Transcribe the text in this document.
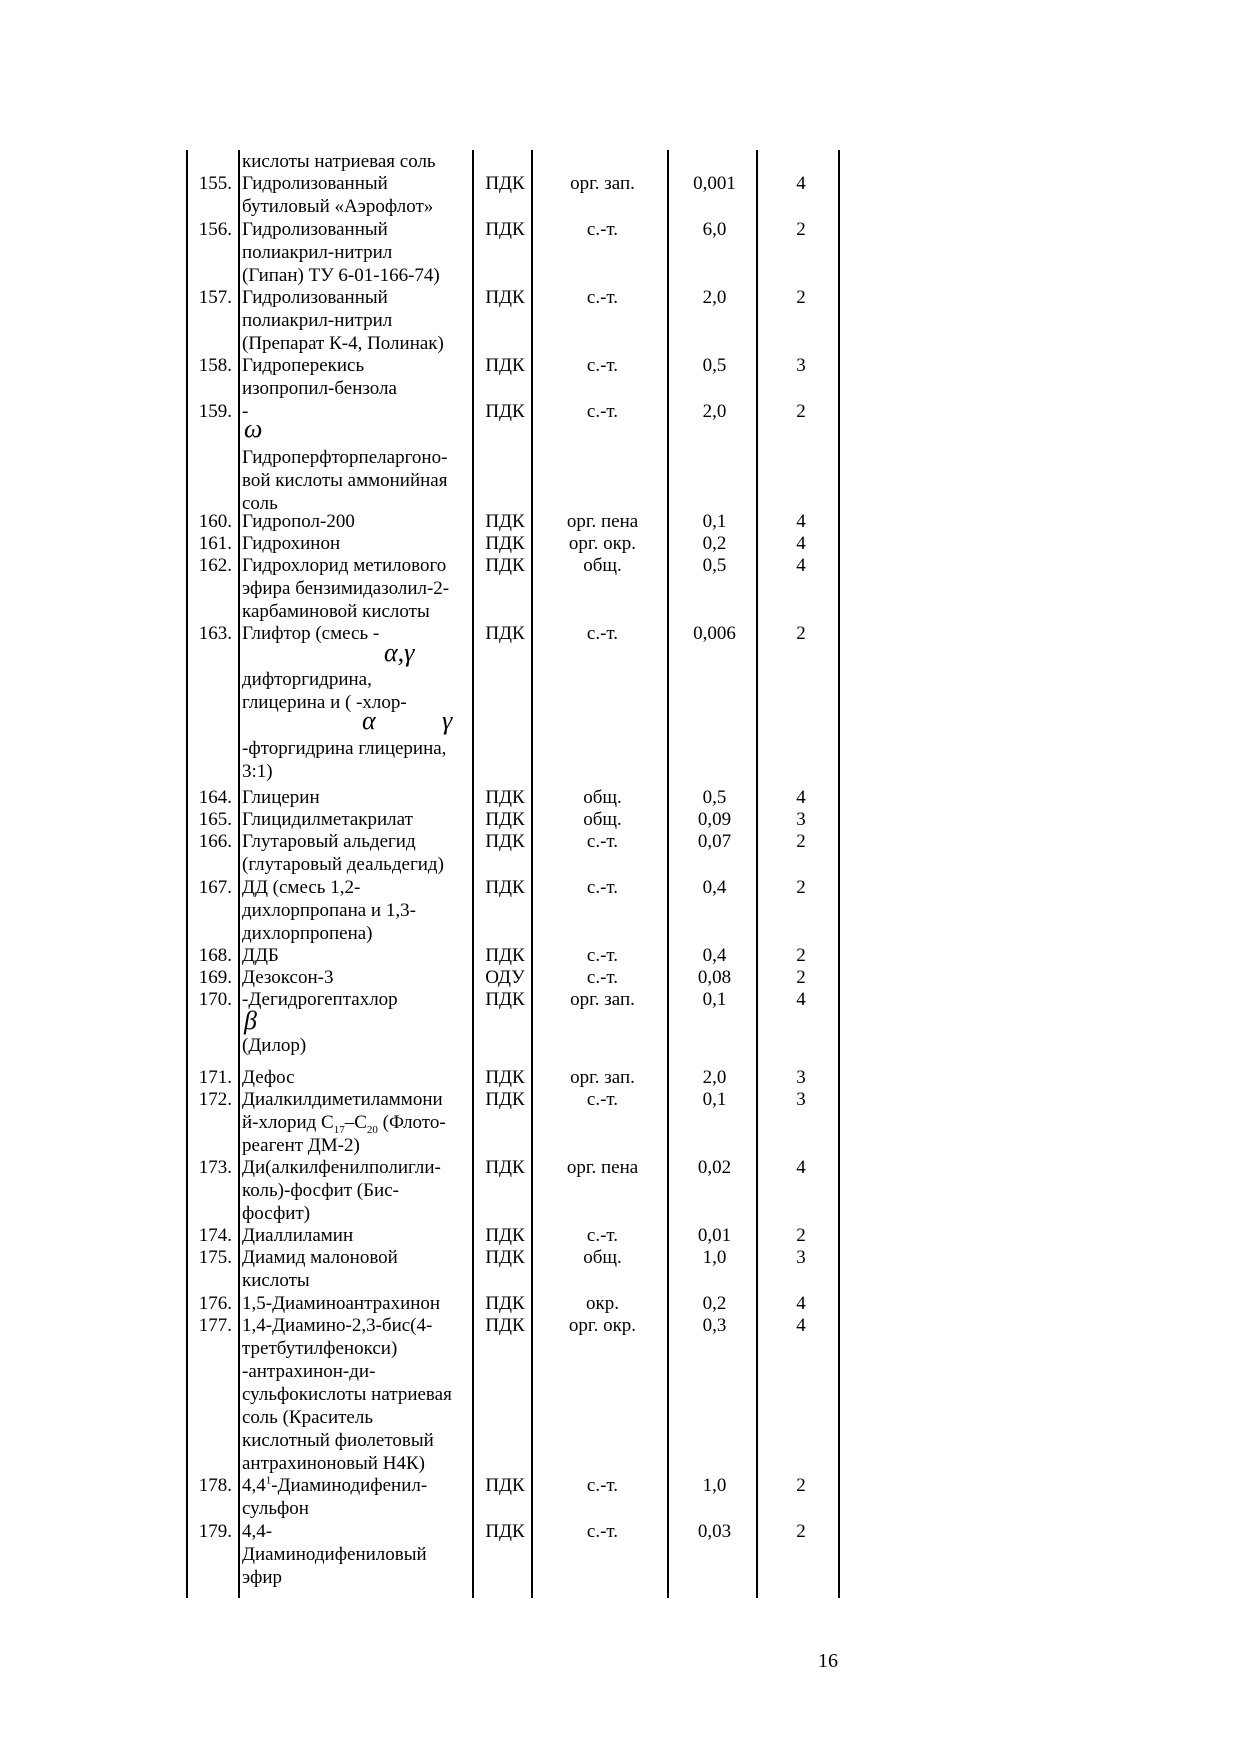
кислоты натриевая соль
155. Гидролизованный
бутиловый «Аэрофлот»
ПДК	орг. зап.	0,001	4
156. Гидролизованный
полиакрил-нитрил
(Гипан) ТУ 6-01-166-74)
ПДК	с.-т.	6,0	2
157. Гидролизованный
полиакрил-нитрил
(Препарат К-4, Полинак)
ПДК	с.-т.	2,0	2
158. Гидроперекись
изопропил-бензола
ПДК	с.-т.	0,5	3
159. -
Гидроперфторпеларгоно-
вой кислоты аммонийная
соль
ПДК	с.-т.	2,0	2
160. Гидропол-200	ПДК	орг. пена	0,1	4
161. Гидрохинон	ПДК	орг. окр.	0,2	4
162. Гидрохлорид метилового
эфира бензимидазолил-2-
карбаминовой кислоты
ПДК	общ.	0,5	4
163. Глифтор (смесь -
дифторгидрина,
глицерина и ( -хлор-
-фторгидрина глицерина,
3:1)
ПДК	с.-т.	0,006	2
164. Глицерин	ПДК	общ.	0,5	4
165. Глицидилметакрилат	ПДК	общ.	0,09	3
166. Глутаровый альдегид
(глутаровый деальдегид)
ПДК	с.-т.	0,07	2
167. ДД (смесь 1,2-
дихлорпропана и 1,3-
дихлорпропена)
ПДК	с.-т.	0,4	2
168. ДДБ	ПДК	с.-т.	0,4	2
169. Дезоксон-3	ОДУ	с.-т.	0,08	2
170. -Дегидрогептахлор
(Дилор)
ПДК	орг. зап.	0,1	4
171. Дефос	ПДК	орг. зап.	2,0	3
172. Диалкилдиметиламмони
й-хлорид $С_{17}-С_{20}$ (Флото-
реагент ДМ-2)
ПДК	с.-т.	0,1	3
173. Ди(алкилфенилполигли-
коль)-фосфит (Бис-
фосфит)
ПДК	орг. пена	0,02	4
174. Диаллиламин	ПДК	с.-т.	0,01	2
175. Диамид малоновой
кислоты
ПДК	общ.	1,0	3
176. 1,5-Диаминоантрахинон	ПДК	окр.	0,2	4
177. 1,4-Диамино-2,3-бис(4-
третбутилфенокси)
-антрахинон-ди-
сульфокислоты натриевая
соль (Краситель
кислотный фиолетовый
антрахиноновый Н4К)
ПДК	орг. окр.	0,3	4
178. $4,4^1-Диаминодифенил-$
сульфон
ПДК	с.-т.	1,0	2
179. 4,4-
Диаминодифениловый
эфир
ПДК	с.-т.	0,03	2
ω
α,γ
α	γ
β
16
